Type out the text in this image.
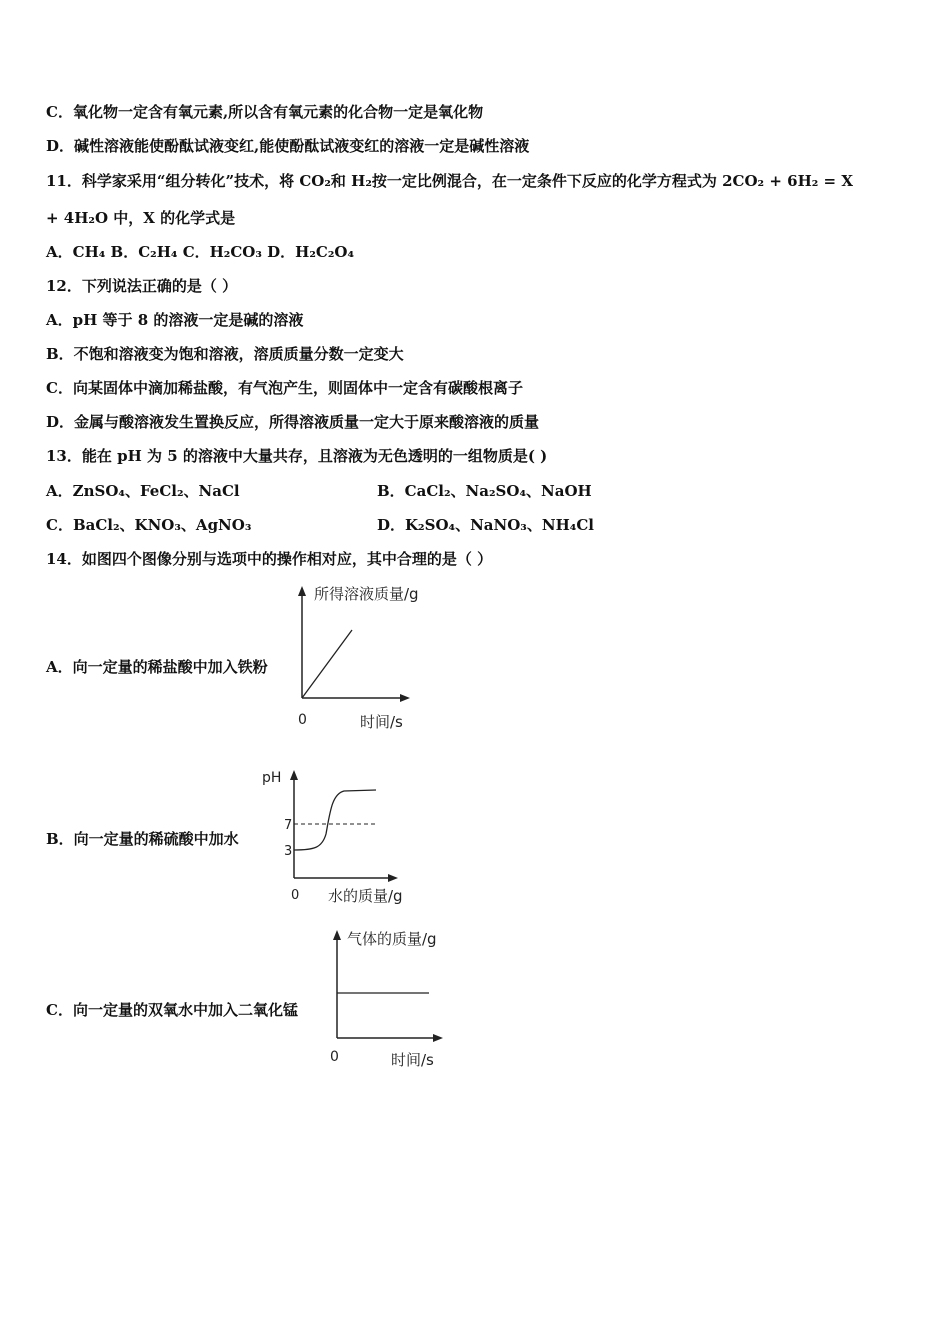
C．氧化物一定含有氧元素,所以含有氧元素的化合物一定是氧化物
D．碱性溶液能使酚酞试液变红,能使酚酞试液变红的溶液一定是碱性溶液
11．科学家采用“组分转化”技术，将 CO₂和 H₂按一定比例混合，在一定条件下反应的化学方程式为 2CO₂ + 6H₂ = X
+ 4H₂O 中，X 的化学式是
A．CH₄ B．C₂H₄ C．H₂CO₃ D．H₂C₂O₄
12．下列说法正确的是（ ）
A．pH 等于 8 的溶液一定是碱的溶液
B．不饱和溶液变为饱和溶液，溶质质量分数一定变大
C．向某固体中滴加稀盐酸，有气泡产生，则固体中一定含有碳酸根离子
D．金属与酸溶液发生置换反应，所得溶液质量一定大于原来酸溶液的质量
13．能在 pH 为 5 的溶液中大量共存，且溶液为无色透明的一组物质是( )
A．ZnSO₄、FeCl₂、NaCl	B．CaCl₂、Na₂SO₄、NaOH
C．BaCl₂、KNO₃、AgNO₃	D．K₂SO₄、NaNO₃、NH₄Cl
14．如图四个图像分别与选项中的操作相对应，其中合理的是（ ）
A．向一定量的稀盐酸中加入铁粉
B．向一定量的稀硫酸中加水
C．向一定量的双氧水中加入二氧化锰
所得溶液质量/g
时间/s
0
pH
7
3
水的质量/g
0
气体的质量/g
时间/s
0
